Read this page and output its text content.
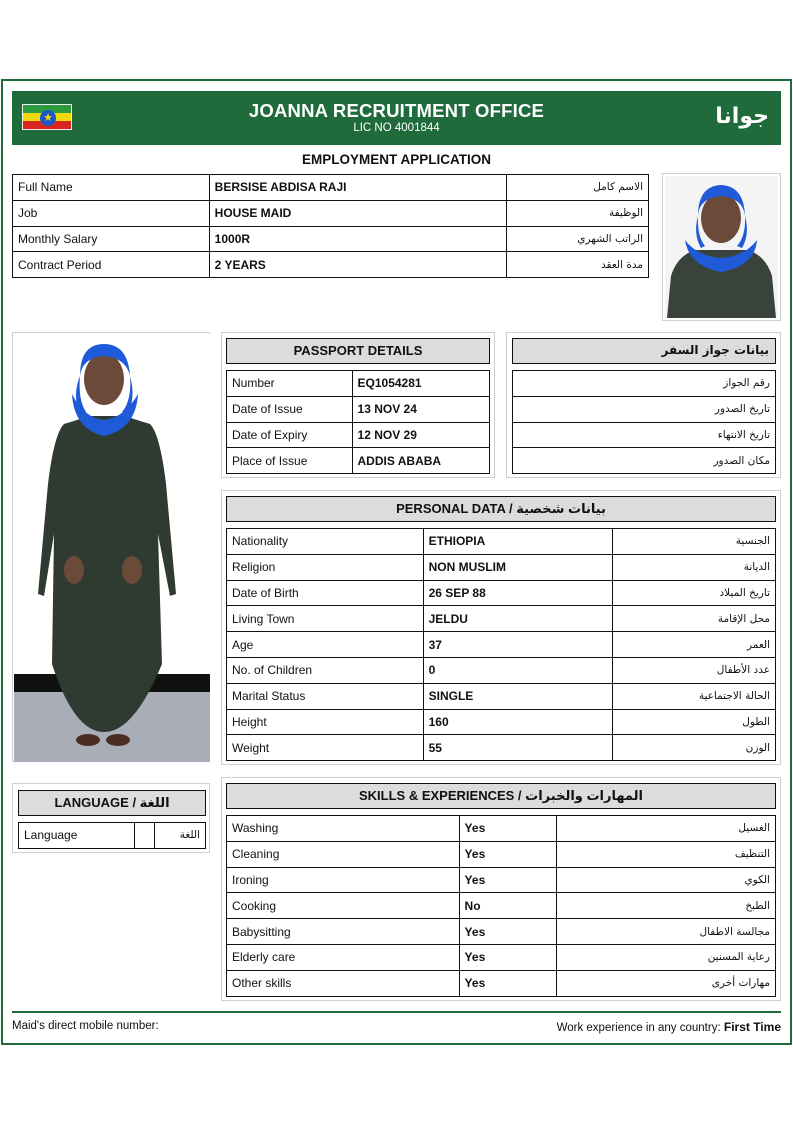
★	JOANNA RECRUITMENT OFFICE
LIC NO 4001844	جوانا
EMPLOYMENT APPLICATION
Full Name	BERSISE ABDISA RAJI	الاسم كامل
Job	HOUSE MAID	الوظيفة
Monthly Salary	1000R	الراتب الشهري
Contract Period	2 YEARS	مدة العقد
PASSPORT DETAILS
Number	EQ1054281
Date of Issue	13 NOV 24
Date of Expiry	12 NOV 29
Place of Issue	ADDIS ABABA
بيانات جواز السفر
رقم الجواز
تاريخ الصدور
تاريخ الانتهاء
مكان الصدور
PERSONAL DATA / بيانات شخصية
Nationality	ETHIOPIA	الجنسية
Religion	NON MUSLIM	الديانة
Date of Birth	26 SEP 88	تاريخ الميلاد
Living Town	JELDU	محل الإقامة
Age	37	العمر
No. of Children	0	عدد الأطفال
Marital Status	SINGLE	الحالة الاجتماعية
Height	160	الطول
Weight	55	الوزن
LANGUAGE / اللغة
Language		اللغة
SKILLS & EXPERIENCES / المهارات والخبرات
Washing	Yes	الغسيل
Cleaning	Yes	التنظيف
Ironing	Yes	الكوي
Cooking	No	الطبخ
Babysitting	Yes	مجالسة الاطفال
Elderly care	Yes	رعاية المسنين
Other skills	Yes	مهارات أخرى
Maid's direct mobile number:	Work experience in any country: First Time
